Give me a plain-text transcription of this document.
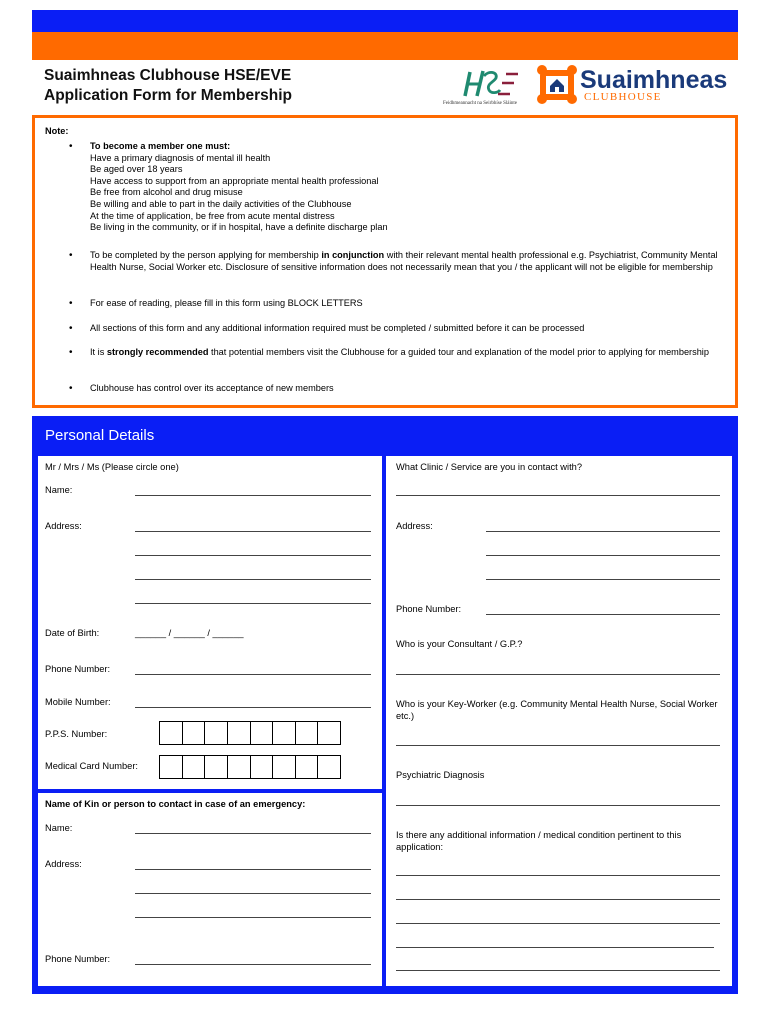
Suaimhneas Clubhouse HSE/EVE
Application Form for Membership	Feidhmeannacht na Seirbhíse Sláinte
Suaimhneas
CLUBHOUSE
Note:
• To become a member one must:
Have a primary diagnosis of mental ill health
Be aged over 18 years
Have access to support from an appropriate mental health professional
Be free from alcohol and drug misuse
Be willing and able to part in the daily activities of the Clubhouse
At the time of application, be free from acute mental distress
Be living in the community, or if in hospital, have a definite discharge plan
• To be completed by the person applying for membership in conjunction with their relevant mental health professional e.g. Psychiatrist, Community Mental Health Nurse, Social Worker etc. Disclosure of sensitive information does not necessarily mean that you / the applicant will not be eligible for membership
• For ease of reading, please fill in this form using BLOCK LETTERS
• All sections of this form and any additional information required must be completed / submitted before it can be processed
• It is strongly recommended that potential members visit the Clubhouse for a guided tour and explanation of the model prior to applying for membership
• Clubhouse has control over its acceptance of new members
Personal Details
Mr / Mrs / Ms (Please circle one)
Name:
Address:
Date of Birth:	______ / ______ / ______
Phone Number:
Mobile Number:
P.P.S. Number:
Medical Card Number:
Name of Kin or person to contact in case of an emergency:
Name:
Address:
Phone Number:
What Clinic / Service are you in contact with?
Address:
Phone Number:
Who is your Consultant / G.P.?
Who is your Key-Worker (e.g. Community Mental Health Nurse, Social Worker etc.)
Psychiatric Diagnosis
Is there any additional information / medical condition pertinent to this application:
